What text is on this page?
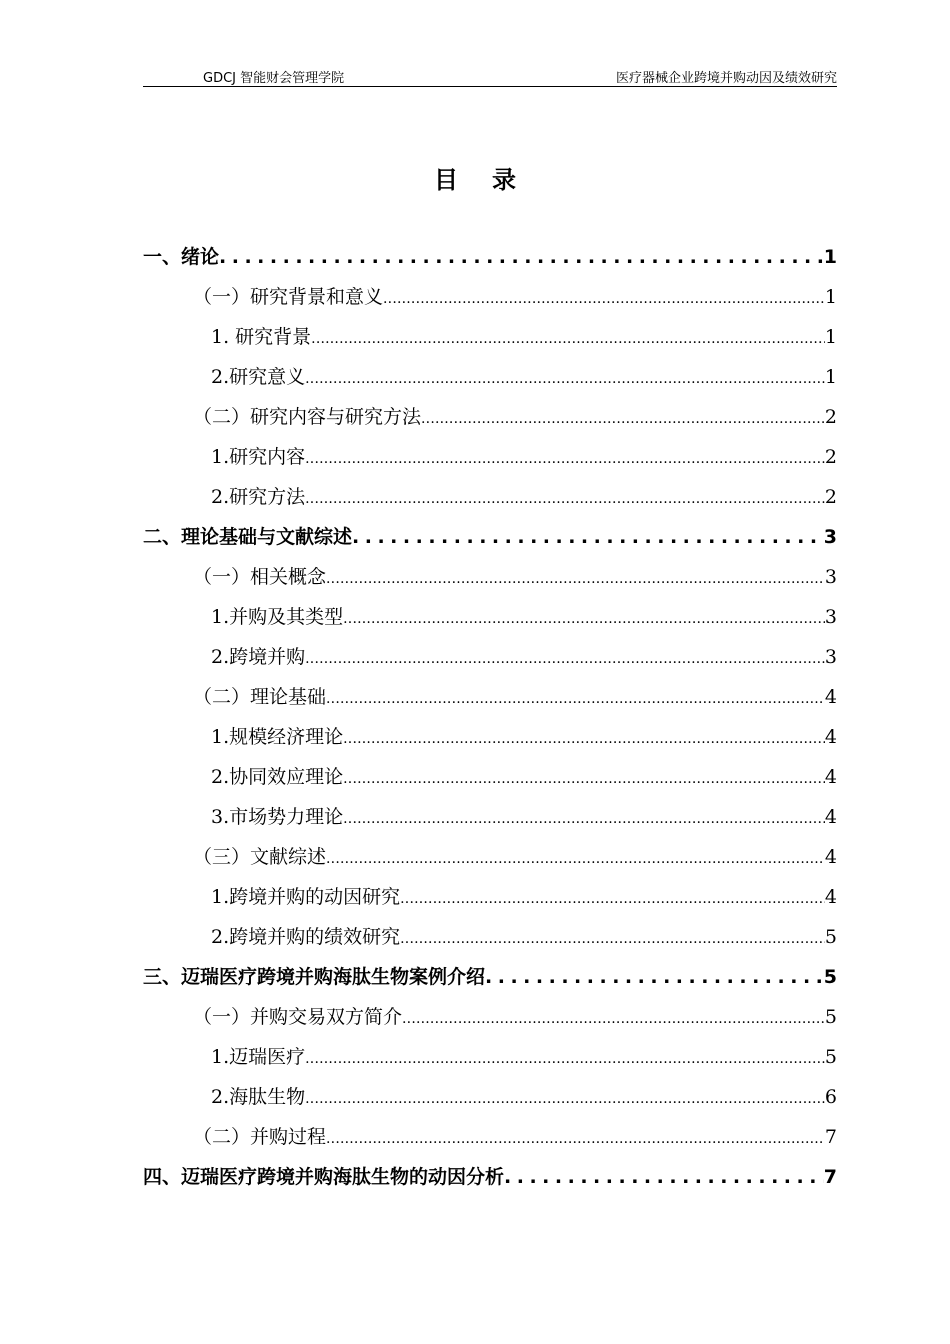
GDCJ 智能财会管理学院	医疗器械企业跨境并购动因及绩效研究
目录
一、绪论 .....	1
（一）研究背景和意义 .....	1
1. 研究背景 .....	1
2.研究意义 .....	1
（二）研究内容与研究方法 .....	2
1.研究内容 .....	2
2.研究方法 .....	2
二、理论基础与文献综述 .....	3
（一）相关概念 .....	3
1.并购及其类型 .....	3
2.跨境并购 .....	3
（二）理论基础 .....	4
1.规模经济理论 .....	4
2.协同效应理论 .....	4
3.市场势力理论 .....	4
（三）文献综述 .....	4
1.跨境并购的动因研究 .....	4
2.跨境并购的绩效研究 .....	5
三、迈瑞医疗跨境并购海肽生物案例介绍 .....	5
（一）并购交易双方简介 .....	5
1.迈瑞医疗 .....	5
2.海肽生物 .....	6
（二）并购过程 .....	7
四、迈瑞医疗跨境并购海肽生物的动因分析 .....	7
